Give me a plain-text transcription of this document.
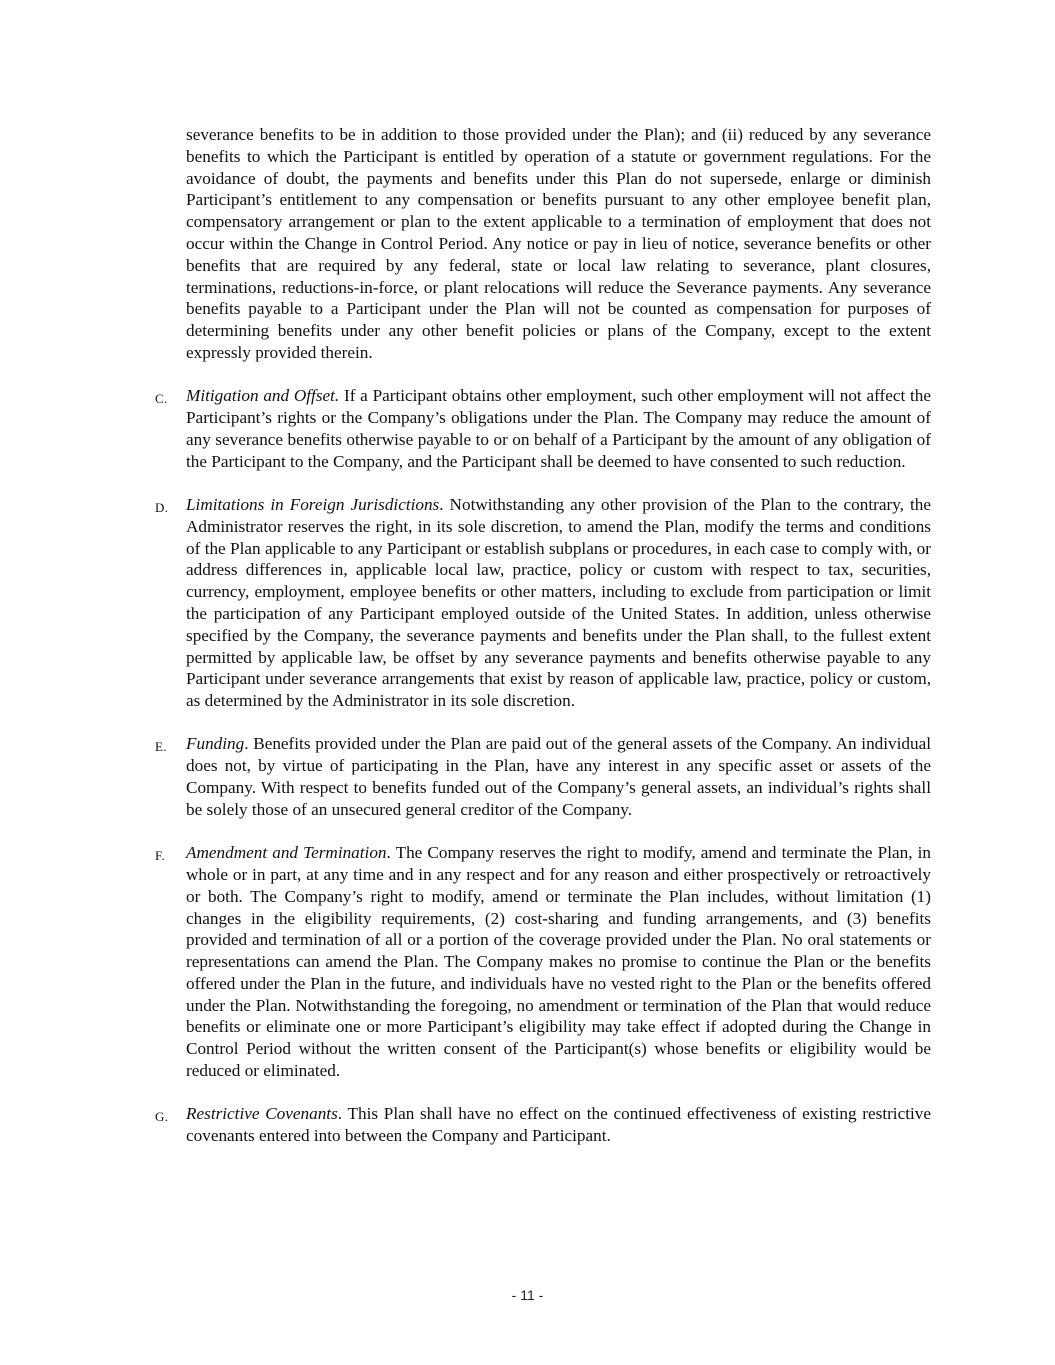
severance benefits to be in addition to those provided under the Plan); and (ii) reduced by any severance benefits to which the Participant is entitled by operation of a statute or government regulations. For the avoidance of doubt, the payments and benefits under this Plan do not supersede, enlarge or diminish Participant’s entitlement to any compensation or benefits pursuant to any other employee benefit plan, compensatory arrangement or plan to the extent applicable to a termination of employment that does not occur within the Change in Control Period. Any notice or pay in lieu of notice, severance benefits or other benefits that are required by any federal, state or local law relating to severance, plant closures, terminations, reductions-in-force, or plant relocations will reduce the Severance payments. Any severance benefits payable to a Participant under the Plan will not be counted as compensation for purposes of determining benefits under any other benefit policies or plans of the Company, except to the extent expressly provided therein.

C. Mitigation and Offset. If a Participant obtains other employment, such other employment will not affect the Participant’s rights or the Company’s obligations under the Plan. The Company may reduce the amount of any severance benefits otherwise payable to or on behalf of a Participant by the amount of any obligation of the Participant to the Company, and the Participant shall be deemed to have consented to such reduction.

D. Limitations in Foreign Jurisdictions. Notwithstanding any other provision of the Plan to the contrary, the Administrator reserves the right, in its sole discretion, to amend the Plan, modify the terms and conditions of the Plan applicable to any Participant or establish subplans or procedures, in each case to comply with, or address differences in, applicable local law, practice, policy or custom with respect to tax, securities, currency, employment, employee benefits or other matters, including to exclude from participation or limit the participation of any Participant employed outside of the United States. In addition, unless otherwise specified by the Company, the severance payments and benefits under the Plan shall, to the fullest extent permitted by applicable law, be offset by any severance payments and benefits otherwise payable to any Participant under severance arrangements that exist by reason of applicable law, practice, policy or custom, as determined by the Administrator in its sole discretion.

E. Funding. Benefits provided under the Plan are paid out of the general assets of the Company. An individual does not, by virtue of participating in the Plan, have any interest in any specific asset or assets of the Company. With respect to benefits funded out of the Company’s general assets, an individual’s rights shall be solely those of an unsecured general creditor of the Company.

F. Amendment and Termination. The Company reserves the right to modify, amend and terminate the Plan, in whole or in part, at any time and in any respect and for any reason and either prospectively or retroactively or both. The Company’s right to modify, amend or terminate the Plan includes, without limitation (1) changes in the eligibility requirements, (2) cost-sharing and funding arrangements, and (3) benefits provided and termination of all or a portion of the coverage provided under the Plan. No oral statements or representations can amend the Plan. The Company makes no promise to continue the Plan or the benefits offered under the Plan in the future, and individuals have no vested right to the Plan or the benefits offered under the Plan. Notwithstanding the foregoing, no amendment or termination of the Plan that would reduce benefits or eliminate one or more Participant’s eligibility may take effect if adopted during the Change in Control Period without the written consent of the Participant(s) whose benefits or eligibility would be reduced or eliminated.

G. Restrictive Covenants. This Plan shall have no effect on the continued effectiveness of existing restrictive covenants entered into between the Company and Participant.

- 11 -
